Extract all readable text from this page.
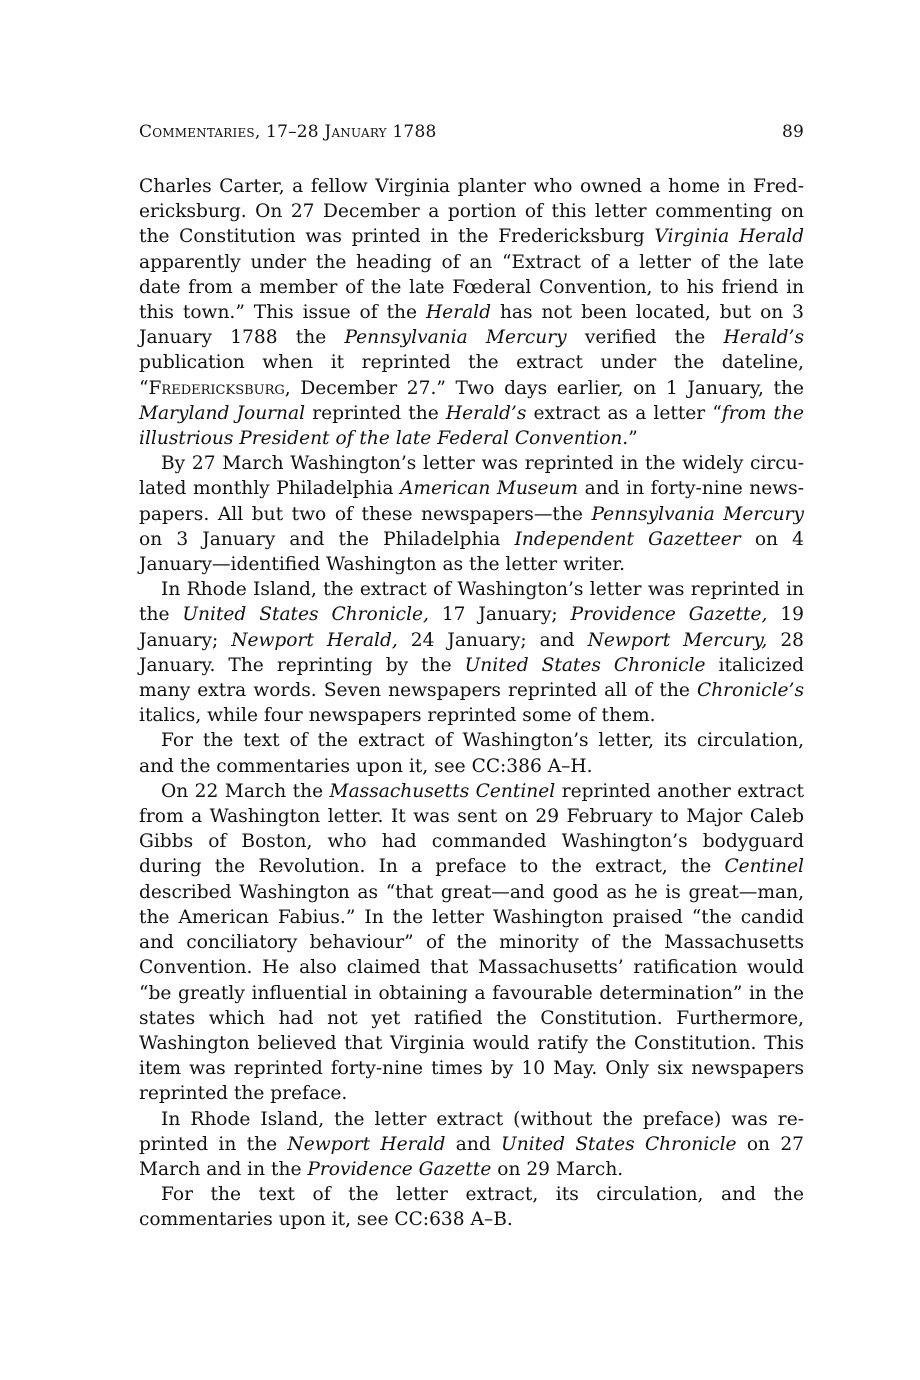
Commentaries, 17–28 January 1788	89

Charles Carter, a fellow Virginia planter who owned a home in Fredericksburg. On 27 December a portion of this letter commenting on the Constitution was printed in the Fredericksburg Virginia Herald apparently under the heading of an “Extract of a letter of the late date from a member of the late Fœderal Convention, to his friend in this town.” This issue of the Herald has not been located, but on 3 January 1788 the Pennsylvania Mercury verified the Herald’s publication when it reprinted the extract under the dateline, “Fredericksburg, December 27.” Two days earlier, on 1 January, the Maryland Journal reprinted the Herald’s extract as a letter “from the illustrious President of the late Federal Convention.”

By 27 March Washington’s letter was reprinted in the widely circulated monthly Philadelphia American Museum and in forty-nine newspapers. All but two of these newspapers—the Pennsylvania Mercury on 3 January and the Philadelphia Independent Gazetteer on 4 January—identified Washington as the letter writer.

In Rhode Island, the extract of Washington’s letter was reprinted in the United States Chronicle, 17 January; Providence Gazette, 19 January; Newport Herald, 24 January; and Newport Mercury, 28 January. The reprinting by the United States Chronicle italicized many extra words. Seven newspapers reprinted all of the Chronicle’s italics, while four newspapers reprinted some of them.

For the text of the extract of Washington’s letter, its circulation, and the commentaries upon it, see CC:386 A–H.

On 22 March the Massachusetts Centinel reprinted another extract from a Washington letter. It was sent on 29 February to Major Caleb Gibbs of Boston, who had commanded Washington’s bodyguard during the Revolution. In a preface to the extract, the Centinel described Washington as “that great—and good as he is great—man, the American Fabius.” In the letter Washington praised “the candid and conciliatory behaviour” of the minority of the Massachusetts Convention. He also claimed that Massachusetts’ ratification would “be greatly influential in obtaining a favourable determination” in the states which had not yet ratified the Constitution. Furthermore, Washington believed that Virginia would ratify the Constitution. This item was reprinted forty-nine times by 10 May. Only six newspapers reprinted the preface.

In Rhode Island, the letter extract (without the preface) was reprinted in the Newport Herald and United States Chronicle on 27 March and in the Providence Gazette on 29 March.

For the text of the letter extract, its circulation, and the commentaries upon it, see CC:638 A–B.
